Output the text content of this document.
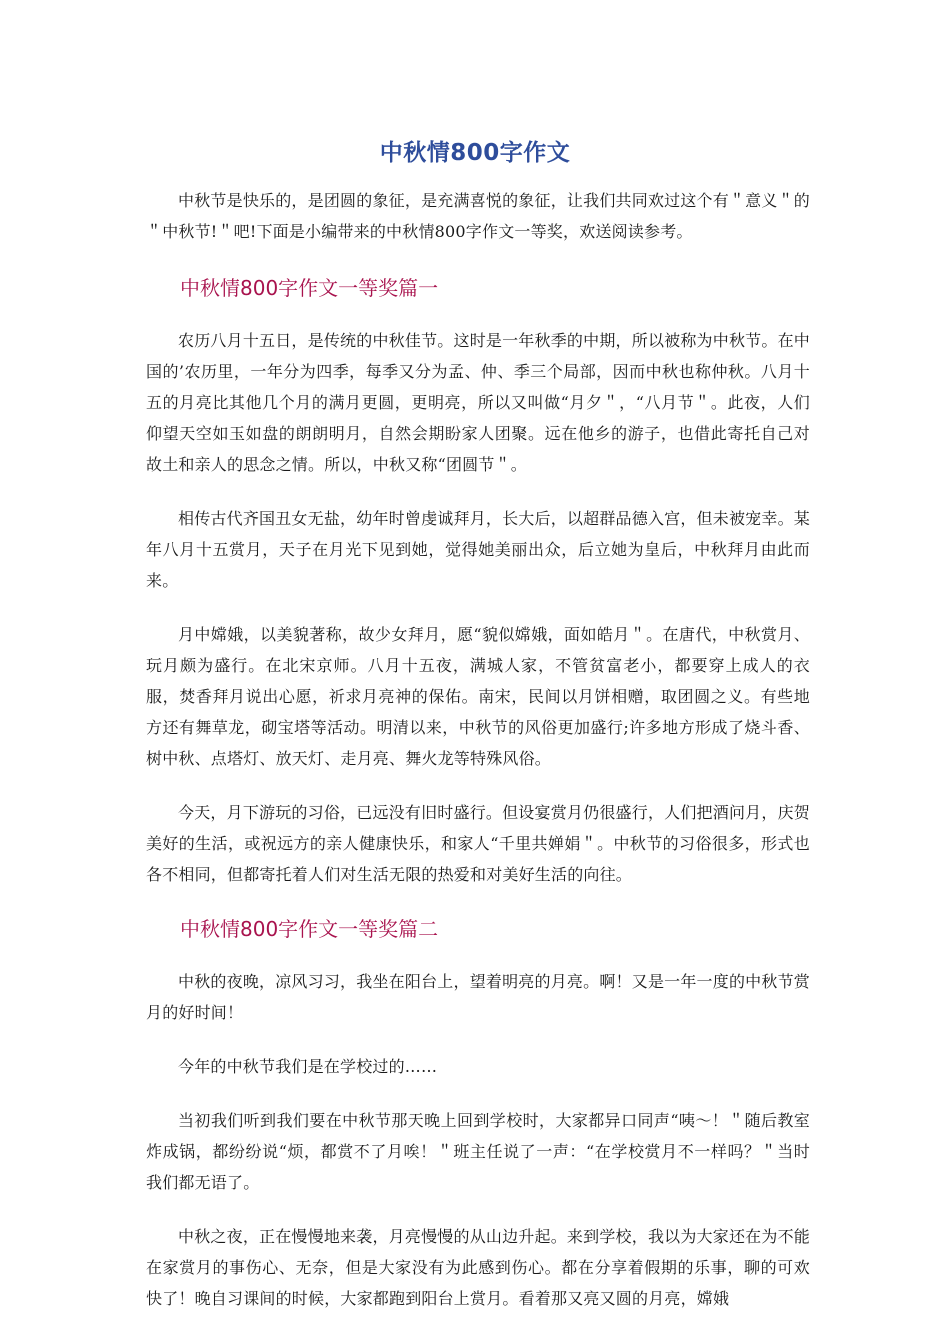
中秋情800字作文

中秋节是快乐的，是团圆的象征，是充满喜悦的象征，让我们共同欢过这个有＂意义＂的＂中秋节!＂吧!下面是小编带来的中秋情800字作文一等奖，欢送阅读参考。

中秋情800字作文一等奖篇一

农历八月十五日，是传统的中秋佳节。这时是一年秋季的中期，所以被称为中秋节。在中国的’农历里，一年分为四季，每季又分为孟、仲、季三个局部，因而中秋也称仲秋。八月十五的月亮比其他几个月的满月更圆，更明亮，所以又叫做“月夕＂，“八月节＂。此夜，人们仰望天空如玉如盘的朗朗明月，自然会期盼家人团聚。远在他乡的游子，也借此寄托自己对故土和亲人的思念之情。所以，中秋又称“团圆节＂。

相传古代齐国丑女无盐，幼年时曾虔诚拜月，长大后，以超群品德入宫，但未被宠幸。某年八月十五赏月，天子在月光下见到她，觉得她美丽出众，后立她为皇后，中秋拜月由此而来。

月中嫦娥，以美貌著称，故少女拜月，愿“貌似嫦娥，面如皓月＂。在唐代，中秋赏月、玩月颇为盛行。在北宋京师。八月十五夜，满城人家，不管贫富老小，都要穿上成人的衣服，焚香拜月说出心愿，祈求月亮神的保佑。南宋，民间以月饼相赠，取团圆之义。有些地方还有舞草龙，砌宝塔等活动。明清以来，中秋节的风俗更加盛行;许多地方形成了烧斗香、树中秋、点塔灯、放天灯、走月亮、舞火龙等特殊风俗。

今天，月下游玩的习俗，已远没有旧时盛行。但设宴赏月仍很盛行，人们把酒问月，庆贺美好的生活，或祝远方的亲人健康快乐，和家人“千里共婵娟＂。中秋节的习俗很多，形式也各不相同，但都寄托着人们对生活无限的热爱和对美好生活的向往。

中秋情800字作文一等奖篇二

中秋的夜晚，凉风习习，我坐在阳台上，望着明亮的月亮。啊！又是一年一度的中秋节赏月的好时间！

今年的中秋节我们是在学校过的……

当初我们听到我们要在中秋节那天晚上回到学校时，大家都异口同声“咦～！＂随后教室炸成锅，都纷纷说“烦，都赏不了月唉！＂班主任说了一声：“在学校赏月不一样吗？＂当时我们都无语了。

中秋之夜，正在慢慢地来袭，月亮慢慢的从山边升起。来到学校，我以为大家还在为不能在家赏月的事伤心、无奈，但是大家没有为此感到伤心。都在分享着假期的乐事，聊的可欢快了！晚自习课间的时候，大家都跑到阳台上赏月。看着那又亮又圆的月亮，嫦娥
